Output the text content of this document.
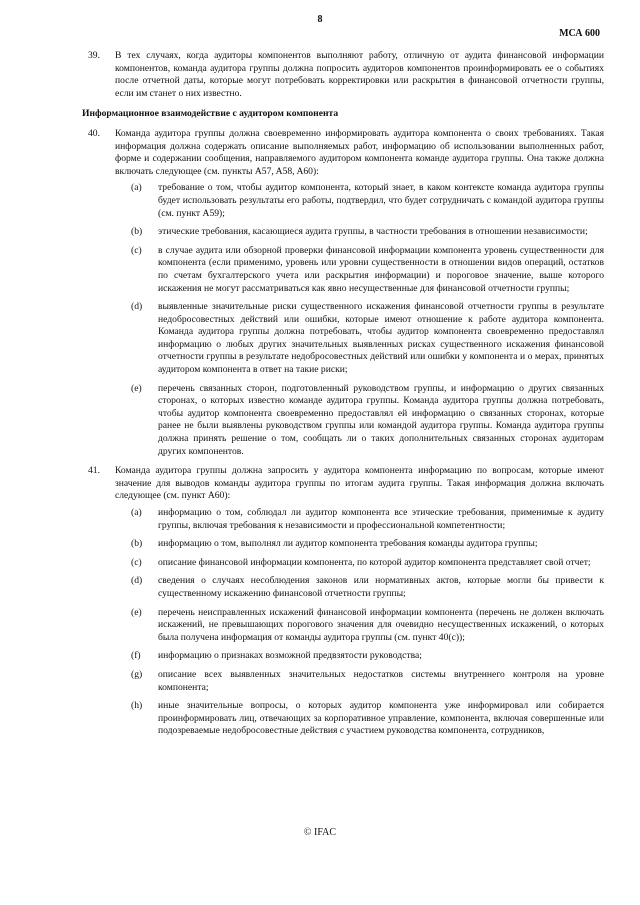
8
МСА 600
39.	В тех случаях, когда аудиторы компонентов выполняют работу, отличную от аудита финансовой информации компонентов, команда аудитора группы должна попросить аудиторов компонентов проинформировать ее о событиях после отчетной даты, которые могут потребовать корректировки или раскрытия в финансовой отчетности группы, если им станет о них известно.
Информационное взаимодействие с аудитором компонента
40.	Команда аудитора группы должна своевременно информировать аудитора компонента о своих требованиях. Такая информация должна содержать описание выполняемых работ, информацию об использовании выполненных работ, форме и содержании сообщения, направляемого аудитором компонента команде аудитора группы. Она также должна включать следующее (см. пункты A57, A58, A60):
(a)	требование о том, чтобы аудитор компонента, который знает, в каком контексте команда аудитора группы будет использовать результаты его работы, подтвердил, что будет сотрудничать с командой аудитора группы (см. пункт A59);
(b)	этические требования, касающиеся аудита группы, в частности требования в отношении независимости;
(c)	в случае аудита или обзорной проверки финансовой информации компонента уровень существенности для компонента (если применимо, уровень или уровни существенности в отношении видов операций, остатков по счетам бухгалтерского учета или раскрытия информации) и пороговое значение, выше которого искажения не могут рассматриваться как явно несущественные для финансовой отчетности группы;
(d)	выявленные значительные риски существенного искажения финансовой отчетности группы в результате недобросовестных действий или ошибки, которые имеют отношение к работе аудитора компонента. Команда аудитора группы должна потребовать, чтобы аудитор компонента своевременно предоставлял информацию о любых других значительных выявленных рисках существенного искажения финансовой отчетности группы в результате недобросовестных действий или ошибки у компонента и о мерах, принятых аудитором компонента в ответ на такие риски;
(e)	перечень связанных сторон, подготовленный руководством группы, и информацию о других связанных сторонах, о которых известно команде аудитора группы. Команда аудитора группы должна потребовать, чтобы аудитор компонента своевременно предоставлял ей информацию о связанных сторонах, которые ранее не были выявлены руководством группы или командой аудитора группы. Команда аудитора группы должна принять решение о том, сообщать ли о таких дополнительных связанных сторонах аудиторам других компонентов.
41.	Команда аудитора группы должна запросить у аудитора компонента информацию по вопросам, которые имеют значение для выводов команды аудитора группы по итогам аудита группы. Такая информация должна включать следующее (см. пункт A60):
(a)	информацию о том, соблюдал ли аудитор компонента все этические требования, применимые к аудиту группы, включая требования к независимости и профессиональной компетентности;
(b)	информацию о том, выполнял ли аудитор компонента требования команды аудитора группы;
(c)	описание финансовой информации компонента, по которой аудитор компонента представляет свой отчет;
(d)	сведения о случаях несоблюдения законов или нормативных актов, которые могли бы привести к существенному искажению финансовой отчетности группы;
(e)	перечень неисправленных искажений финансовой информации компонента (перечень не должен включать искажений, не превышающих порогового значения для очевидно несущественных искажений, о которых была получена информация от команды аудитора группы (см. пункт 40(c));
(f)	информацию о признаках возможной предвзятости руководства;
(g)	описание всех выявленных значительных недостатков системы внутреннего контроля на уровне компонента;
(h)	иные значительные вопросы, о которых аудитор компонента уже информировал или собирается проинформировать лиц, отвечающих за корпоративное управление, компонента, включая совершенные или подозреваемые недобросовестные действия с участием руководства компонента, сотрудников,
© IFAC
